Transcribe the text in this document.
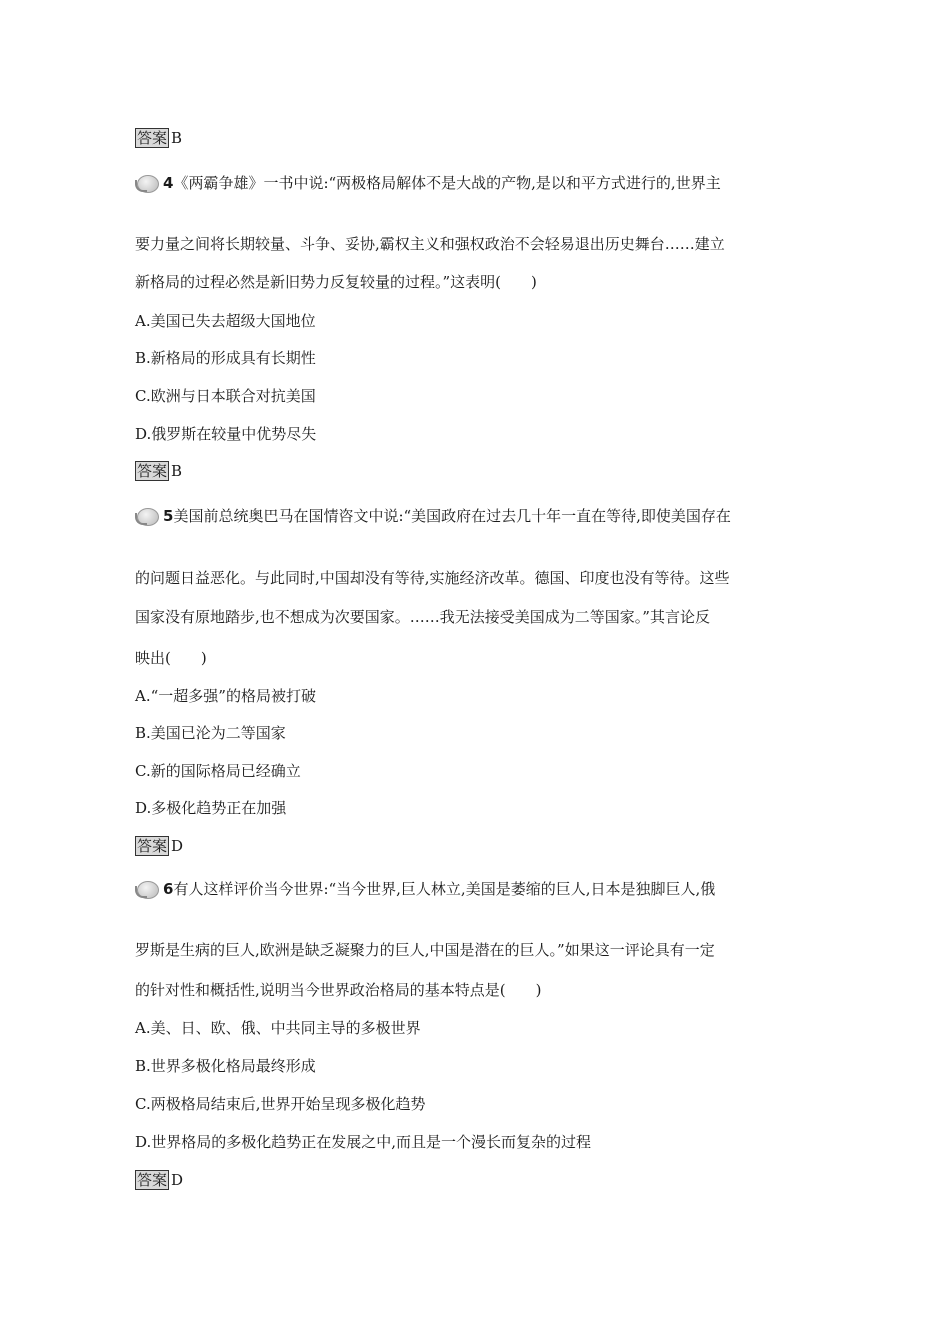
答案 B
4《两霸争雄》一书中说:“两极格局解体不是大战的产物,是以和平方式进行的,世界主
要力量之间将长期较量、斗争、妥协,霸权主义和强权政治不会轻易退出历史舞台……建立
新格局的过程必然是新旧势力反复较量的过程。”这表明(　　)
A.美国已失去超级大国地位
B.新格局的形成具有长期性
C.欧洲与日本联合对抗美国
D.俄罗斯在较量中优势尽失
答案 B
5美国前总统奥巴马在国情咨文中说:“美国政府在过去几十年一直在等待,即使美国存在
的问题日益恶化。与此同时,中国却没有等待,实施经济改革。德国、印度也没有等待。这些
国家没有原地踏步,也不想成为次要国家。……我无法接受美国成为二等国家。”其言论反
映出(　　)
A.“一超多强”的格局被打破
B.美国已沦为二等国家
C.新的国际格局已经确立
D.多极化趋势正在加强
答案 D
6有人这样评价当今世界:“当今世界,巨人林立,美国是萎缩的巨人,日本是独脚巨人,俄
罗斯是生病的巨人,欧洲是缺乏凝聚力的巨人,中国是潜在的巨人。”如果这一评论具有一定
的针对性和概括性,说明当今世界政治格局的基本特点是(　　)
A.美、日、欧、俄、中共同主导的多极世界
B.世界多极化格局最终形成
C.两极格局结束后,世界开始呈现多极化趋势
D.世界格局的多极化趋势正在发展之中,而且是一个漫长而复杂的过程
答案 D
